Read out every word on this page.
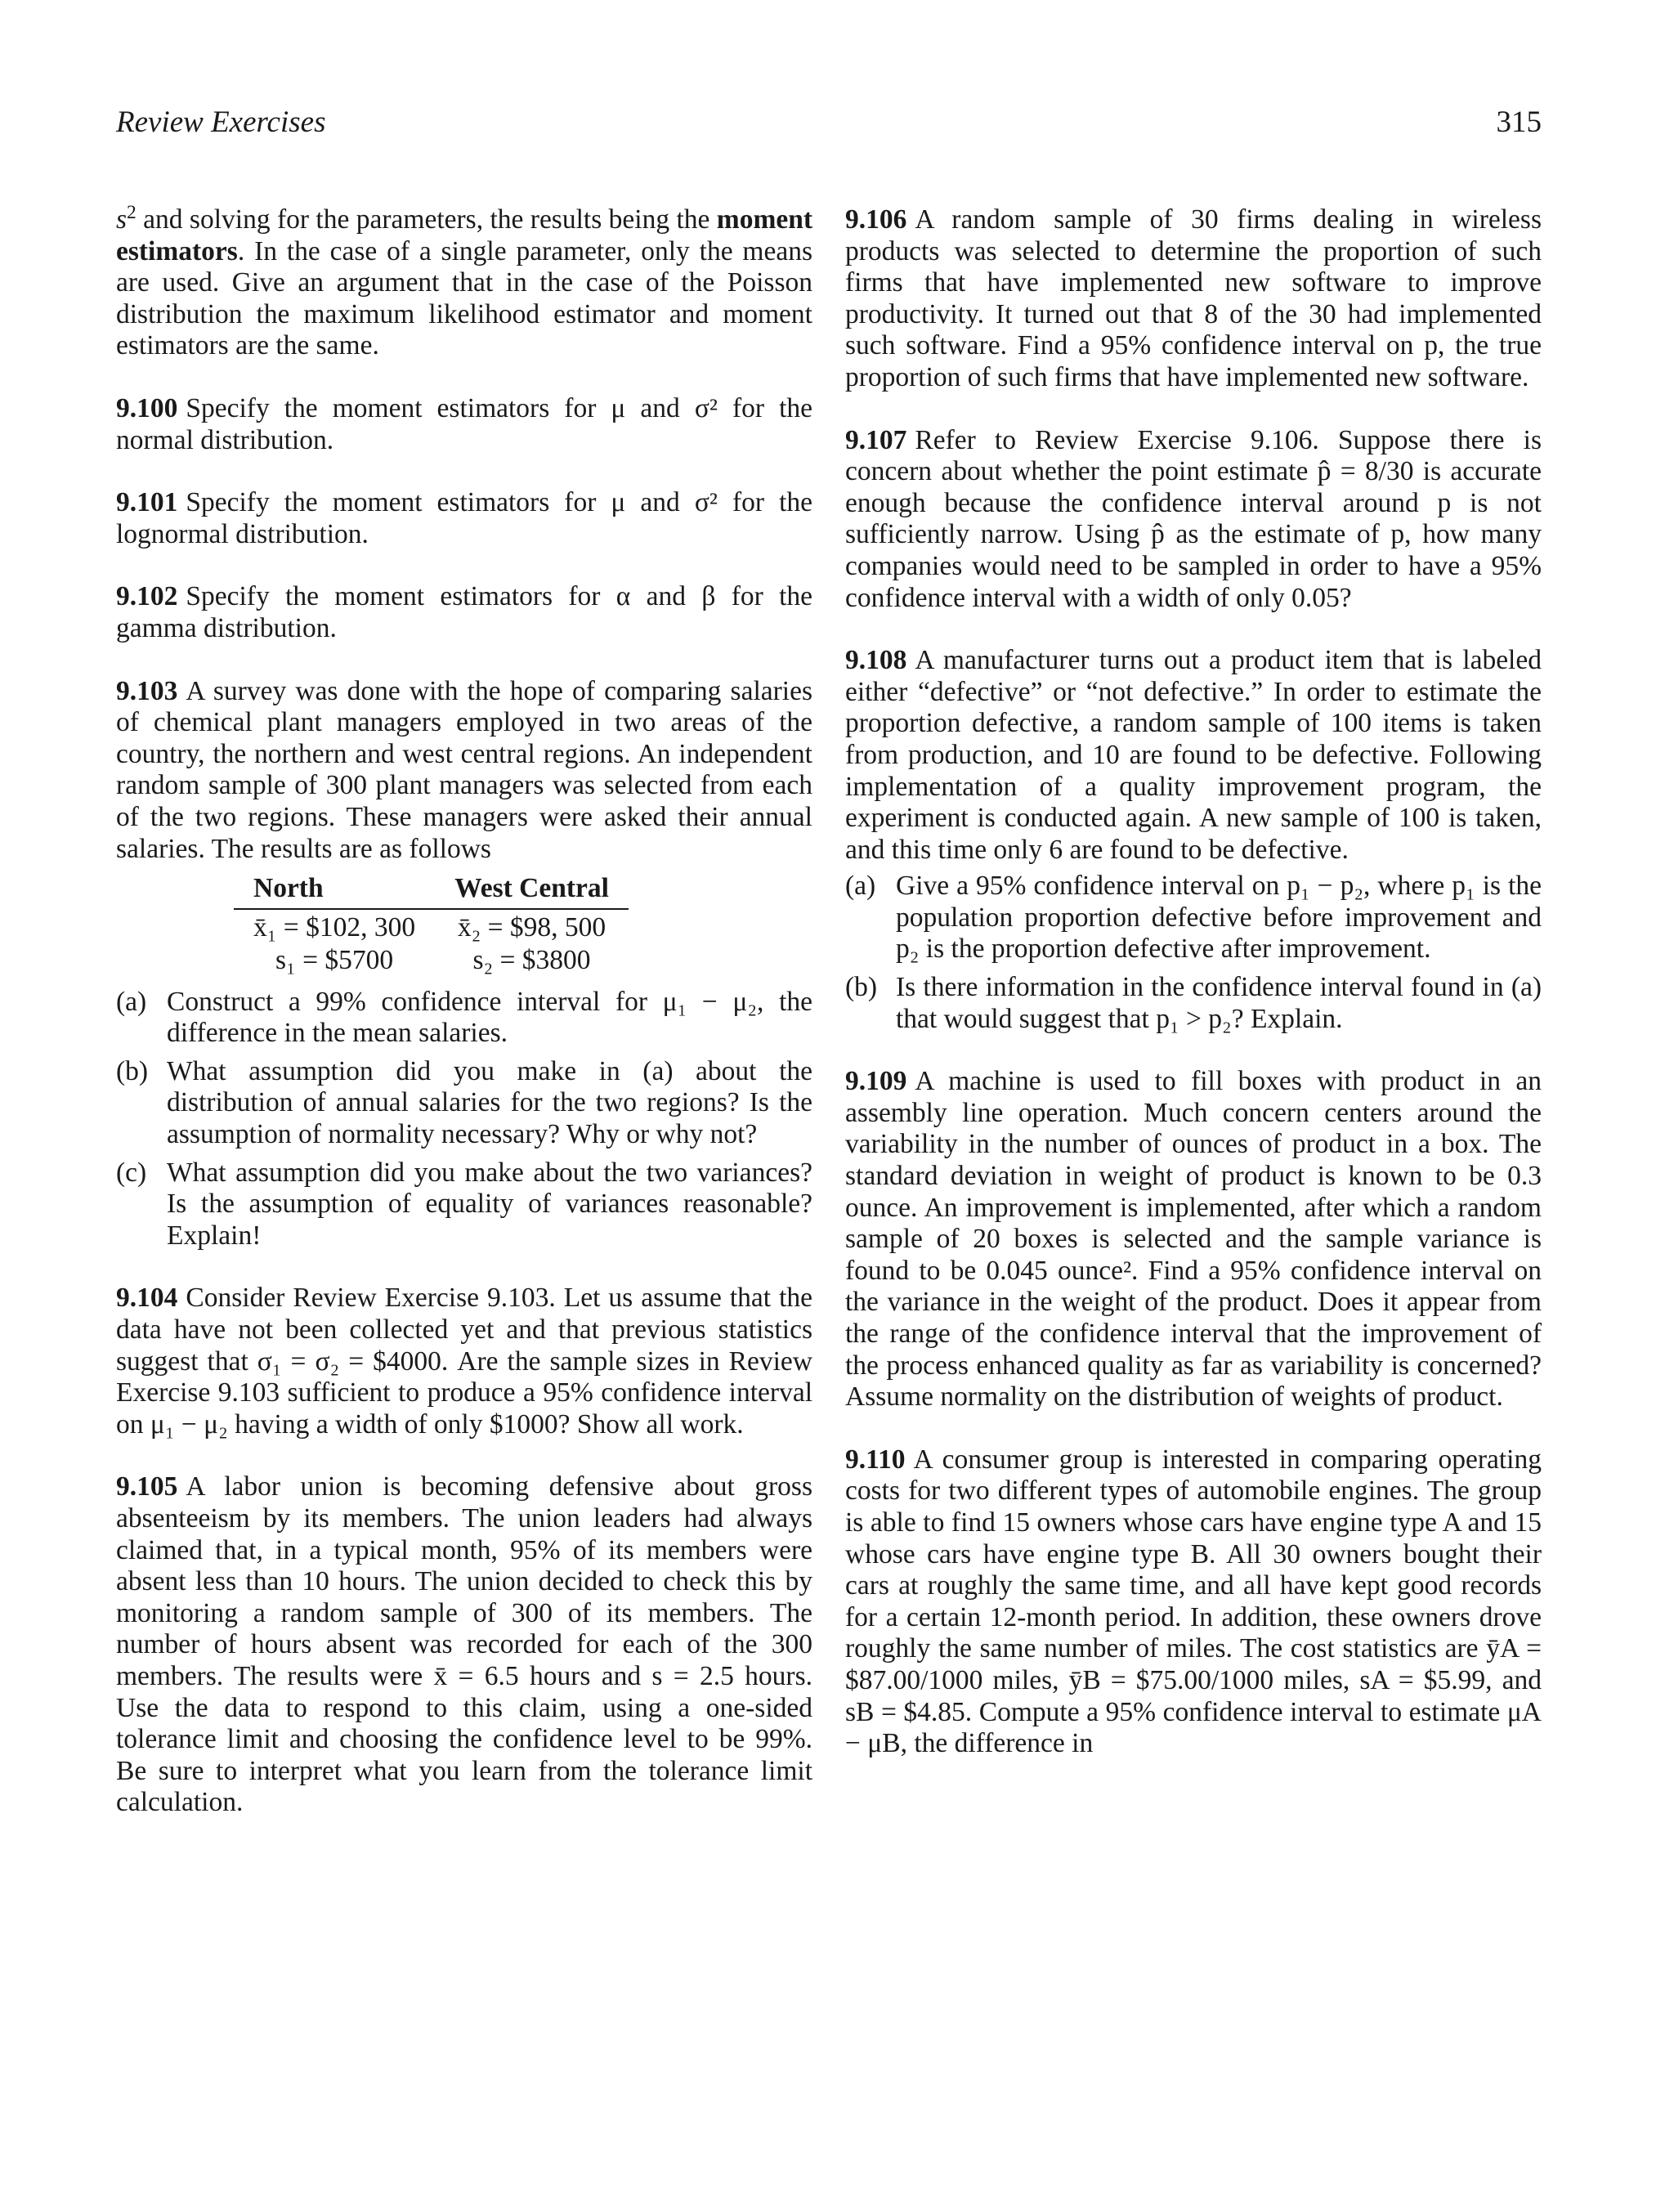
Review Exercises	315

$s^2$ and solving for the parameters, the results being the moment estimators. In the case of a single parameter, only the means are used. Give an argument that in the case of the Poisson distribution the maximum likelihood estimator and moment estimators are the same.

9.100 Specify the moment estimators for μ and σ² for the normal distribution.

9.101 Specify the moment estimators for μ and σ² for the lognormal distribution.

9.102 Specify the moment estimators for α and β for the gamma distribution.

9.103 A survey was done with the hope of comparing salaries of chemical plant managers employed in two areas of the country, the northern and west central regions. An independent random sample of 300 plant managers was selected from each of the two regions. These managers were asked their annual salaries. The results are as follows

North	West Central
x̄₁ = $102, 300	x̄₂ = $98, 500
s₁ = $5700	s₂ = $3800
(a) Construct a 99% confidence interval for μ₁ − μ₂, the difference in the mean salaries.
(b) What assumption did you make in (a) about the distribution of annual salaries for the two regions? Is the assumption of normality necessary? Why or why not?
(c) What assumption did you make about the two variances? Is the assumption of equality of variances reasonable? Explain!

9.104 Consider Review Exercise 9.103. Let us assume that the data have not been collected yet and that previous statistics suggest that σ₁ = σ₂ = $4000. Are the sample sizes in Review Exercise 9.103 sufficient to produce a 95% confidence interval on μ₁ − μ₂ having a width of only $1000? Show all work.

9.105 A labor union is becoming defensive about gross absenteeism by its members. The union leaders had always claimed that, in a typical month, 95% of its members were absent less than 10 hours. The union decided to check this by monitoring a random sample of 300 of its members. The number of hours absent was recorded for each of the 300 members. The results were x̄ = 6.5 hours and s = 2.5 hours. Use the data to respond to this claim, using a one-sided tolerance limit and choosing the confidence level to be 99%. Be sure to interpret what you learn from the tolerance limit calculation.

9.106 A random sample of 30 firms dealing in wireless products was selected to determine the proportion of such firms that have implemented new software to improve productivity. It turned out that 8 of the 30 had implemented such software. Find a 95% confidence interval on p, the true proportion of such firms that have implemented new software.

9.107 Refer to Review Exercise 9.106. Suppose there is concern about whether the point estimate p̂ = 8/30 is accurate enough because the confidence interval around p is not sufficiently narrow. Using p̂ as the estimate of p, how many companies would need to be sampled in order to have a 95% confidence interval with a width of only 0.05?

9.108 A manufacturer turns out a product item that is labeled either “defective” or “not defective.” In order to estimate the proportion defective, a random sample of 100 items is taken from production, and 10 are found to be defective. Following implementation of a quality improvement program, the experiment is conducted again. A new sample of 100 is taken, and this time only 6 are found to be defective.

(a) Give a 95% confidence interval on p₁ − p₂, where p₁ is the population proportion defective before improvement and p₂ is the proportion defective after improvement.
(b) Is there information in the confidence interval found in (a) that would suggest that p₁ > p₂? Explain.

9.109 A machine is used to fill boxes with product in an assembly line operation. Much concern centers around the variability in the number of ounces of product in a box. The standard deviation in weight of product is known to be 0.3 ounce. An improvement is implemented, after which a random sample of 20 boxes is selected and the sample variance is found to be 0.045 ounce². Find a 95% confidence interval on the variance in the weight of the product. Does it appear from the range of the confidence interval that the improvement of the process enhanced quality as far as variability is concerned? Assume normality on the distribution of weights of product.

9.110 A consumer group is interested in comparing operating costs for two different types of automobile engines. The group is able to find 15 owners whose cars have engine type A and 15 whose cars have engine type B. All 30 owners bought their cars at roughly the same time, and all have kept good records for a certain 12-month period. In addition, these owners drove roughly the same number of miles. The cost statistics are ȳA = $87.00/1000 miles, ȳB = $75.00/1000 miles, sA = $5.99, and sB = $4.85. Compute a 95% confidence interval to estimate μA − μB, the difference in
